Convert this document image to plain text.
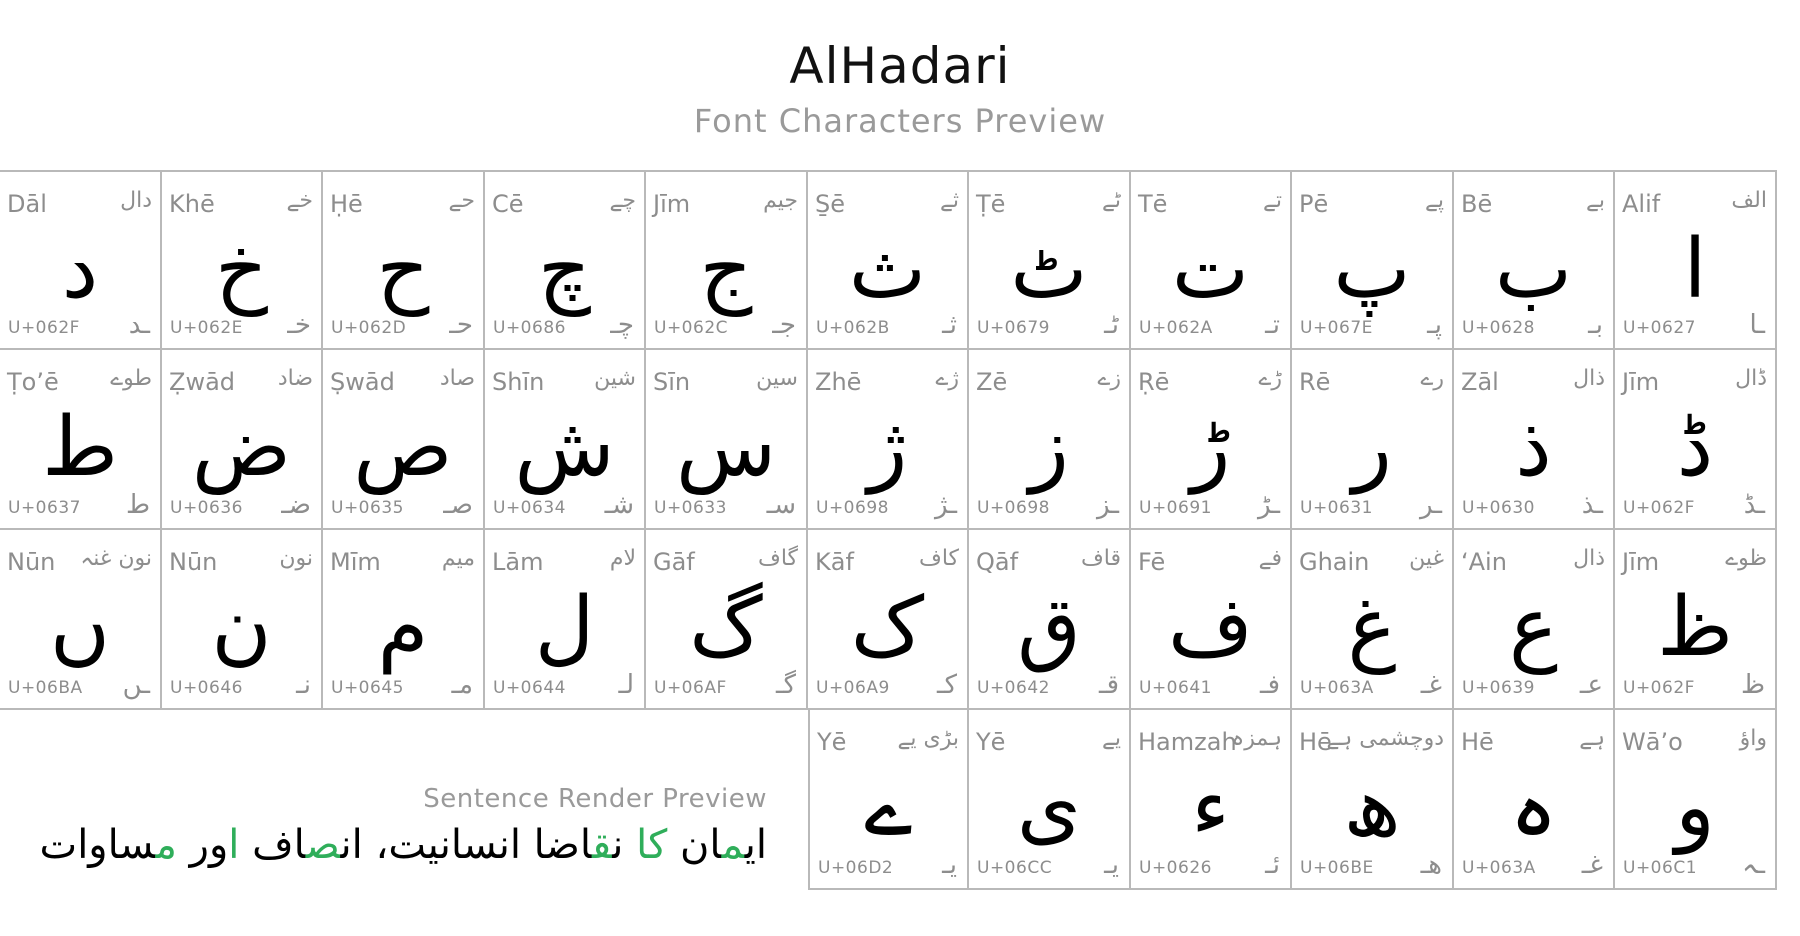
AlHadari
Font Characters Preview
Dāl	دال
د
U+062F ـد
Khē	خے
خ
U+062E خـ
Ḥē	حے
ح
U+062D حـ
Cē	چے
چ
U+0686 چـ
Jīm	جیم
ج
U+062C جـ
S̱ē	ثے
ث
U+062B ثـ
Ṭē	ٹے
ٹ
U+0679 ٹـ
Tē	تے
ت
U+062A تـ
Pē	پے
پ
U+067E پـ
Bē	بے
ب
U+0628 بـ
Alif	الف
ا
U+0627 ـا
Ṭo’ē طوے
ط
U+0637 ط
Ẓwād ضاد
ض
U+0636 ضـ
Ṣwād صاد
ص
U+0635 صـ
Shīn شین
ش
U+0634 شـ
Sīn	سین
س
U+0633 سـ
Zhē	ژے
ژ
U+0698 ـژ
Zē	زے
ز
U+0698 ـز
Ṛē	ڑے
ڑ
U+0691 ـڑ
Rē	رے
ر
U+0631 ـر
Zāl	ذال
ذ
U+0630 ـذ
Jīm	ڈال
ڈ
U+062F ـڈ
Nūn نون غنہ
ں
U+06BA ـں
Nūn	نون
ن
U+0646 نـ
Mīm	میم
م
U+0645 مـ
Lām	لام
ل
U+0644 لـ
Gāf	گاف
گ
U+06AF گـ
Kāf	کاف
ک
U+06A9 کـ
Qāf	قاف
ق
U+0642 قـ
Fē	فے
ف
U+0641 فـ
Ghain غین
غ
U+063A غـ
‘Ain	ذال
ع
U+0639 عـ
Jīm	ظوے
ظ
U+062F ظ
Yē بڑی یے
ے
U+06D2 یـ
Yē	یے
ی
U+06CC یـ
Hamzah
ہمزہ
ء
U+0626 ئـ
Hē
دوچشمی ہے
ھ
U+06BE ھـ
Hē	ہے
ہ
U+063A غـ
Wā’o	واؤ
و
U+06C1 ـہ
Sentence Render Preview
ایمان کا نقاضا انسانیت، انصاف اور مساوات
